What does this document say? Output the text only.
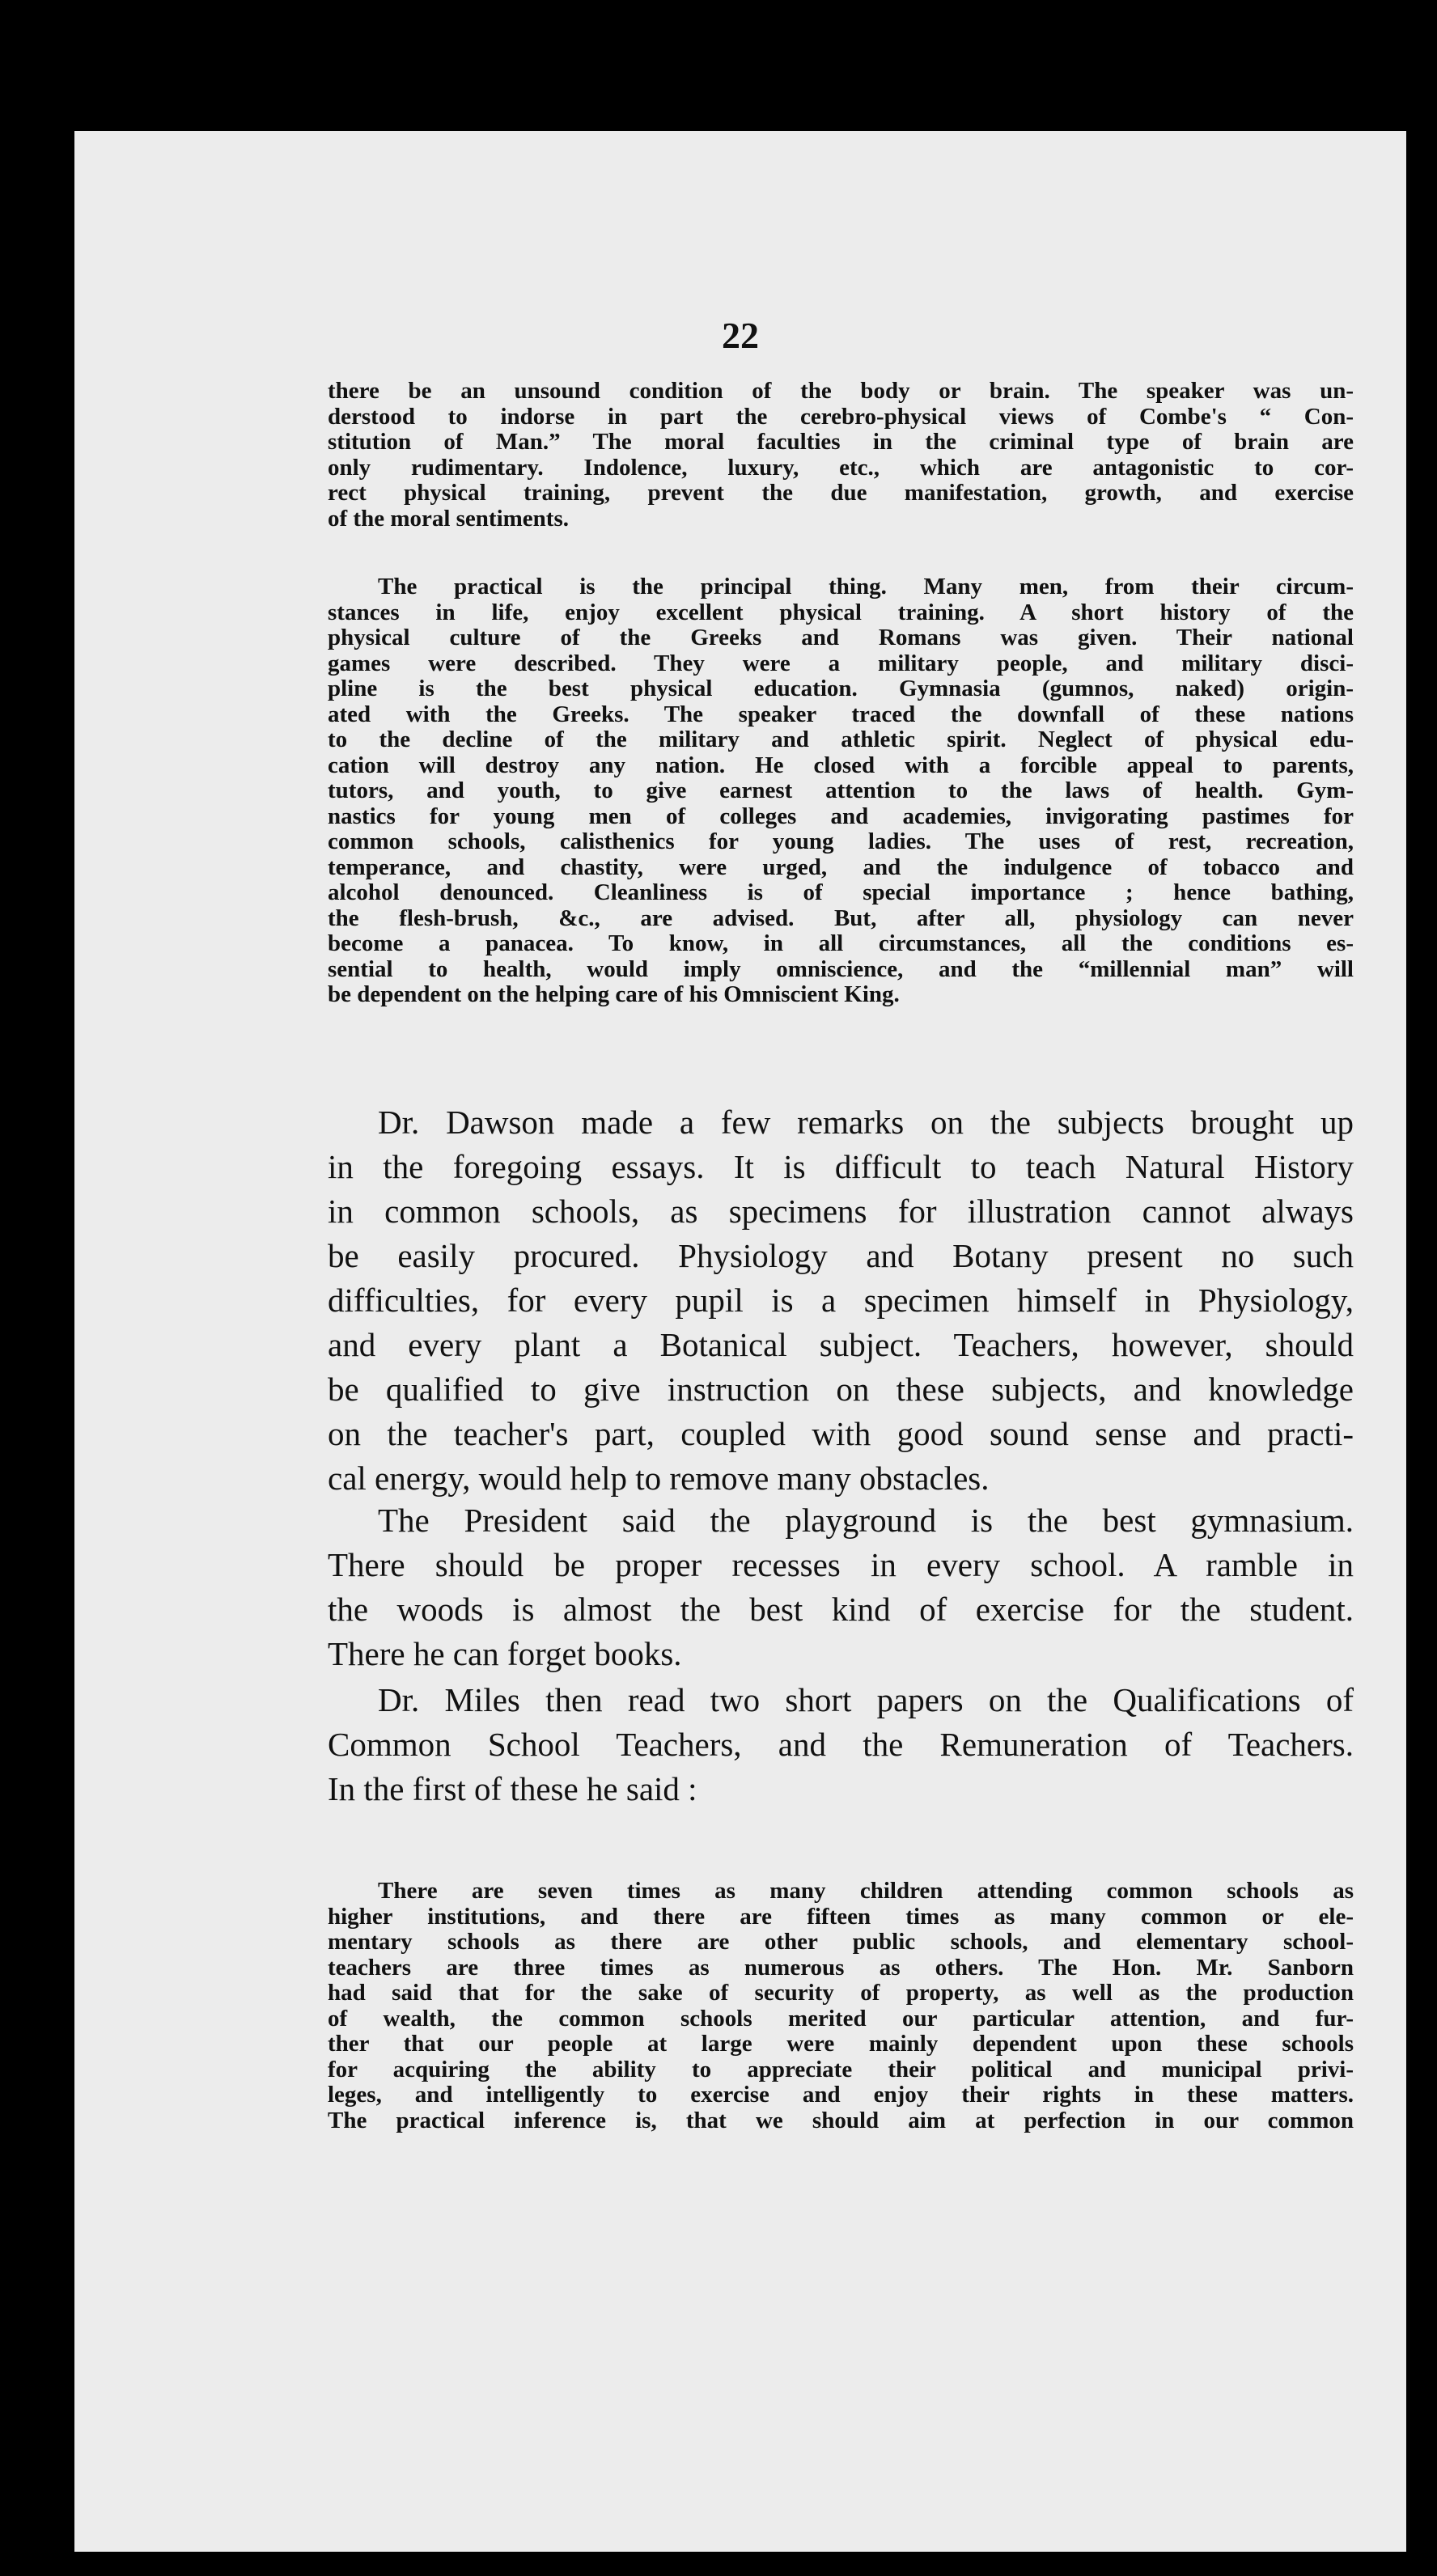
22
there be an unsound condition of the body or brain. The speaker was un-
derstood to indorse in part the cerebro-physical views of Combe's “ Con-
stitution of Man.” The moral faculties in the criminal type of brain are
only rudimentary. Indolence, luxury, etc., which are antagonistic to cor-
rect physical training, prevent the due manifestation, growth, and exercise
of the moral sentiments.
The practical is the principal thing. Many men, from their circum-
stances in life, enjoy excellent physical training. A short history of the
physical culture of the Greeks and Romans was given. Their national
games were described. They were a military people, and military disci-
pline is the best physical education. Gymnasia (gumnos, naked) origin-
ated with the Greeks. The speaker traced the downfall of these nations
to the decline of the military and athletic spirit. Neglect of physical edu-
cation will destroy any nation. He closed with a forcible appeal to parents,
tutors, and youth, to give earnest attention to the laws of health. Gym-
nastics for young men of colleges and academies, invigorating pastimes for
common schools, calisthenics for young ladies. The uses of rest, recreation,
temperance, and chastity, were urged, and the indulgence of tobacco and
alcohol denounced. Cleanliness is of special importance ; hence bathing,
the flesh-brush, &c., are advised. But, after all, physiology can never
become a panacea. To know, in all circumstances, all the conditions es-
sential to health, would imply omniscience, and the “millennial man” will
be dependent on the helping care of his Omniscient King.
Dr. Dawson made a few remarks on the subjects brought up
in the foregoing essays. It is difficult to teach Natural History
in common schools, as specimens for illustration cannot always
be easily procured. Physiology and Botany present no such
difficulties, for every pupil is a specimen himself in Physiology,
and every plant a Botanical subject. Teachers, however, should
be qualified to give instruction on these subjects, and knowledge
on the teacher's part, coupled with good sound sense and practi-
cal energy, would help to remove many obstacles.
The President said the playground is the best gymnasium.
There should be proper recesses in every school. A ramble in
the woods is almost the best kind of exercise for the student.
There he can forget books.
Dr. Miles then read two short papers on the Qualifications of
Common School Teachers, and the Remuneration of Teachers.
In the first of these he said :
There are seven times as many children attending common schools as
higher institutions, and there are fifteen times as many common or ele-
mentary schools as there are other public schools, and elementary school-
teachers are three times as numerous as others. The Hon. Mr. Sanborn
had said that for the sake of security of property, as well as the production
of wealth, the common schools merited our particular attention, and fur-
ther that our people at large were mainly dependent upon these schools
for acquiring the ability to appreciate their political and municipal privi-
leges, and intelligently to exercise and enjoy their rights in these matters.
The practical inference is, that we should aim at perfection in our common
